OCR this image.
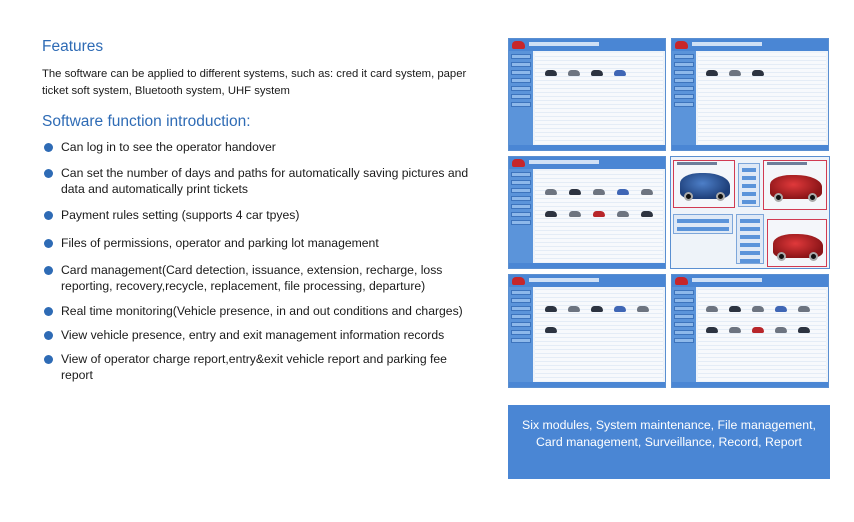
Features

The software can be applied to different systems, such as: cred it card system, paper ticket soft system, Bluetooth system, UHF system

Software function introduction:
Can log in to see the operator handover
Can set the number of days and paths for automatically saving pictures and data and automatically print tickets
Payment rules setting (supports 4 car tpyes)
Files of permissions, operator and parking lot management
Card management(Card detection, issuance, extension, recharge, loss reporting, recovery,recycle, replacement, file processing, departure)
Real time monitoring(Vehicle presence, in and out conditions and charges)
View vehicle presence, entry and exit management information records
View of operator charge report,entry&exit vehicle report and parking fee report
Six modules, System maintenance, File management, Card management, Surveillance, Record, Report
